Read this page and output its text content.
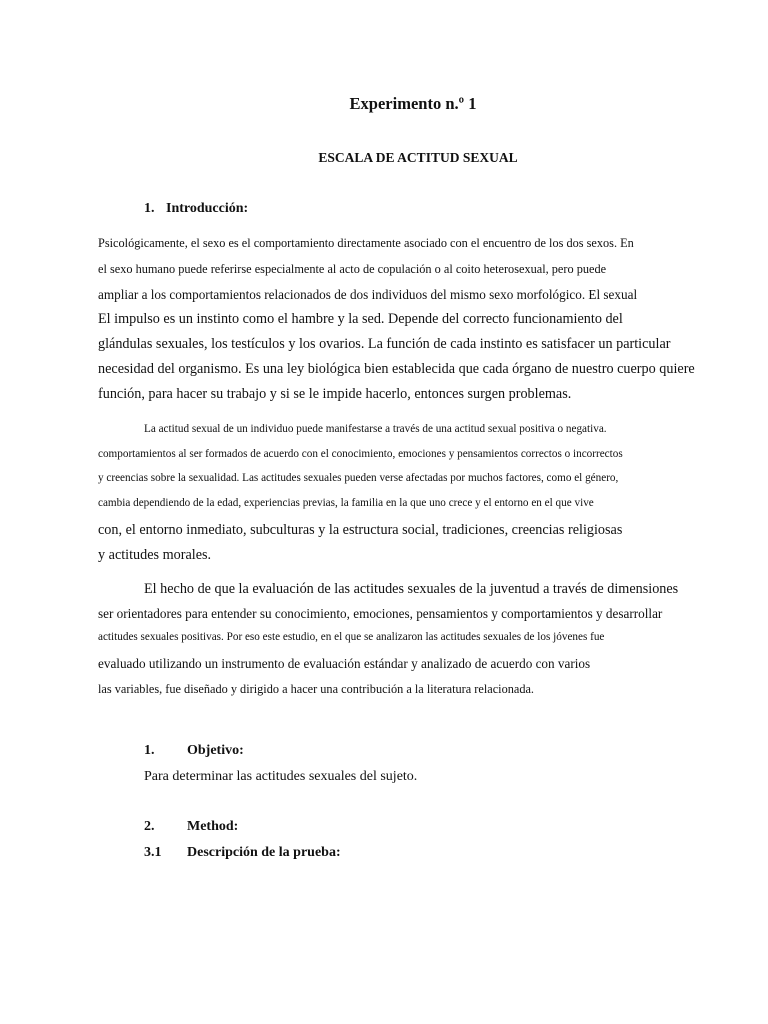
Experimento n.º 1
ESCALA DE ACTITUD SEXUAL
1. Introducción:
Psicológicamente, el sexo es el comportamiento directamente asociado con el encuentro de los dos sexos. En
el sexo humano puede referirse especialmente al acto de copulación o al coito heterosexual, pero puede
ampliar a los comportamientos relacionados de dos individuos del mismo sexo morfológico. El sexual
El impulso es un instinto como el hambre y la sed. Depende del correcto funcionamiento del
glándulas sexuales, los testículos y los ovarios. La función de cada instinto es satisfacer un particular
necesidad del organismo. Es una ley biológica bien establecida que cada órgano de nuestro cuerpo quiere
función, para hacer su trabajo y si se le impide hacerlo, entonces surgen problemas.
La actitud sexual de un individuo puede manifestarse a través de una actitud sexual positiva o negativa.
comportamientos al ser formados de acuerdo con el conocimiento, emociones y pensamientos correctos o incorrectos
y creencias sobre la sexualidad. Las actitudes sexuales pueden verse afectadas por muchos factores, como el género,
cambia dependiendo de la edad, experiencias previas, la familia en la que uno crece y el entorno en el que vive
con, el entorno inmediato, subculturas y la estructura social, tradiciones, creencias religiosas
y actitudes morales.
El hecho de que la evaluación de las actitudes sexuales de la juventud a través de dimensiones
ser orientadores para entender su conocimiento, emociones, pensamientos y comportamientos y desarrollar
actitudes sexuales positivas. Por eso este estudio, en el que se analizaron las actitudes sexuales de los jóvenes fue
evaluado utilizando un instrumento de evaluación estándar y analizado de acuerdo con varios
las variables, fue diseñado y dirigido a hacer una contribución a la literatura relacionada.
1. Objetivo:
Para determinar las actitudes sexuales del sujeto.
2. Method:
3.1 Descripción de la prueba:
